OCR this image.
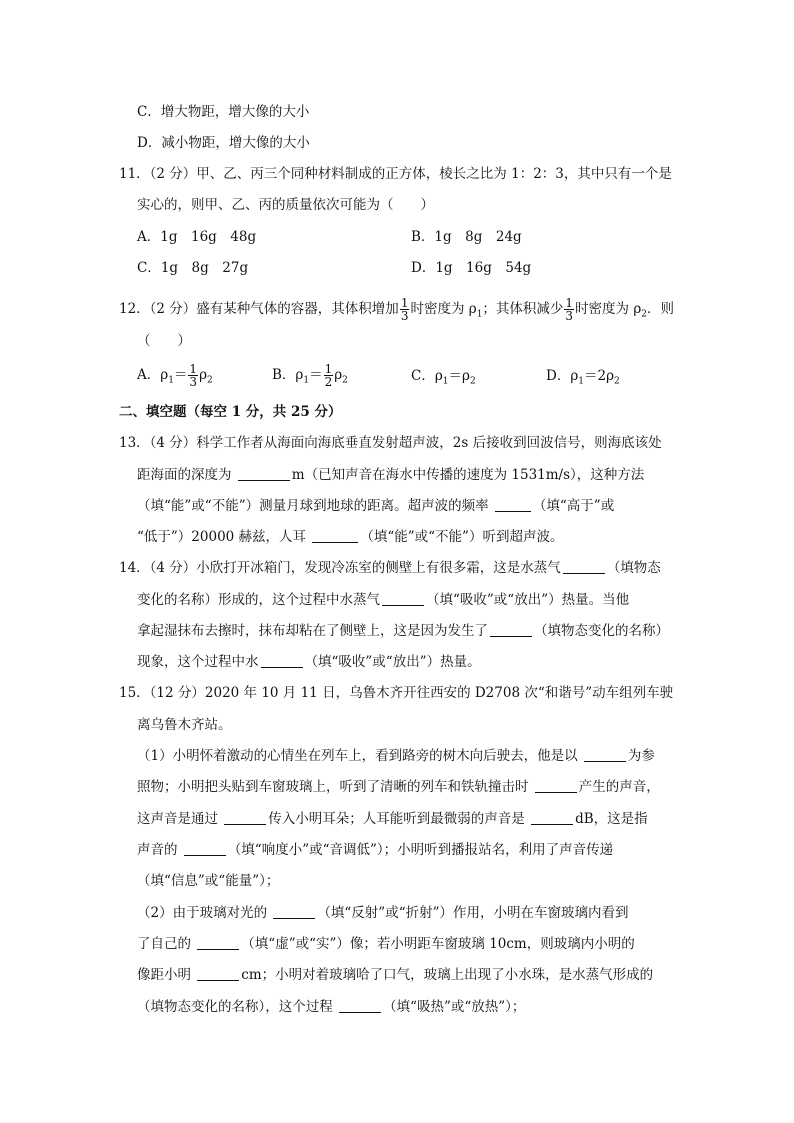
C．增大物距，增大像的大小
D．减小物距，增大像的大小
11．（2 分）甲、乙、丙三个同种材料制成的正方体，棱长之比为 1：2：3，其中只有一个是
实心的，则甲、乙、丙的质量依次可能为（　　）
A．1g　16g　48g	B．1g　8g　24g
C．1g　8g　27g	D．1g　16g　54g
12．（2 分）盛有某种气体的容器，其体积增加 $\frac{1}{3}$ 时密度为 $\rho_1$；其体积减少 $\frac{1}{3}$ 时密度为 $\rho_2$．则
（　　）
A．$\rho_1= \frac{1}{3} \rho_2$	B．$\rho_1= \frac{1}{2} \rho_2$	C．$\rho_1=\rho_2$	D．$\rho_1=2\rho_2$
二、填空题（每空 1 分，共 25 分）
13．（4 分）科学工作者从海面向海底垂直发射超声波，2s 后接收到回波信号，则海底该处
距海面的深度为	m（已知声音在海水中传播的速度为 1531m/s），这种方法
（填“能”或“不能”）测量月球到地球的距离。超声波的频率	（填“高于”或
“低于”）20000 赫兹，人耳	（填“能”或“不能”）听到超声波。
14．（4 分）小欣打开冰箱门，发现冷冻室的侧壁上有很多霜，这是水蒸气	（填物态
变化的名称）形成的，这个过程中水蒸气	（填“吸收”或“放出”）热量。当他
拿起湿抹布去擦时，抹布却粘在了侧壁上，这是因为发生了	（填物态变化的名称）
现象，这个过程中水	（填“吸收”或“放出”）热量。
15．（12 分）2020 年 10 月 11 日，乌鲁木齐开往西安的 D2708 次“和谐号”动车组列车驶
离乌鲁木齐站。
（1）小明怀着激动的心情坐在列车上，看到路旁的树木向后驶去，他是以	为参
照物；小明把头贴到车窗玻璃上，听到了清晰的列车和铁轨撞击时	产生的声音，
这声音是通过	传入小明耳朵；人耳能听到最微弱的声音是	dB，这是指
声音的	（填“响度小”或“音调低”）；小明听到播报站名，利用了声音传递
（填“信息”或“能量”）；
（2）由于玻璃对光的	（填“反射”或“折射”）作用，小明在车窗玻璃内看到
了自己的	（填“虚”或“实”）像；若小明距车窗玻璃 10cm，则玻璃内小明的
像距小明	cm；小明对着玻璃哈了口气，玻璃上出现了小水珠，是水蒸气形成的
（填物态变化的名称），这个过程	（填“吸热”或“放热”）；
